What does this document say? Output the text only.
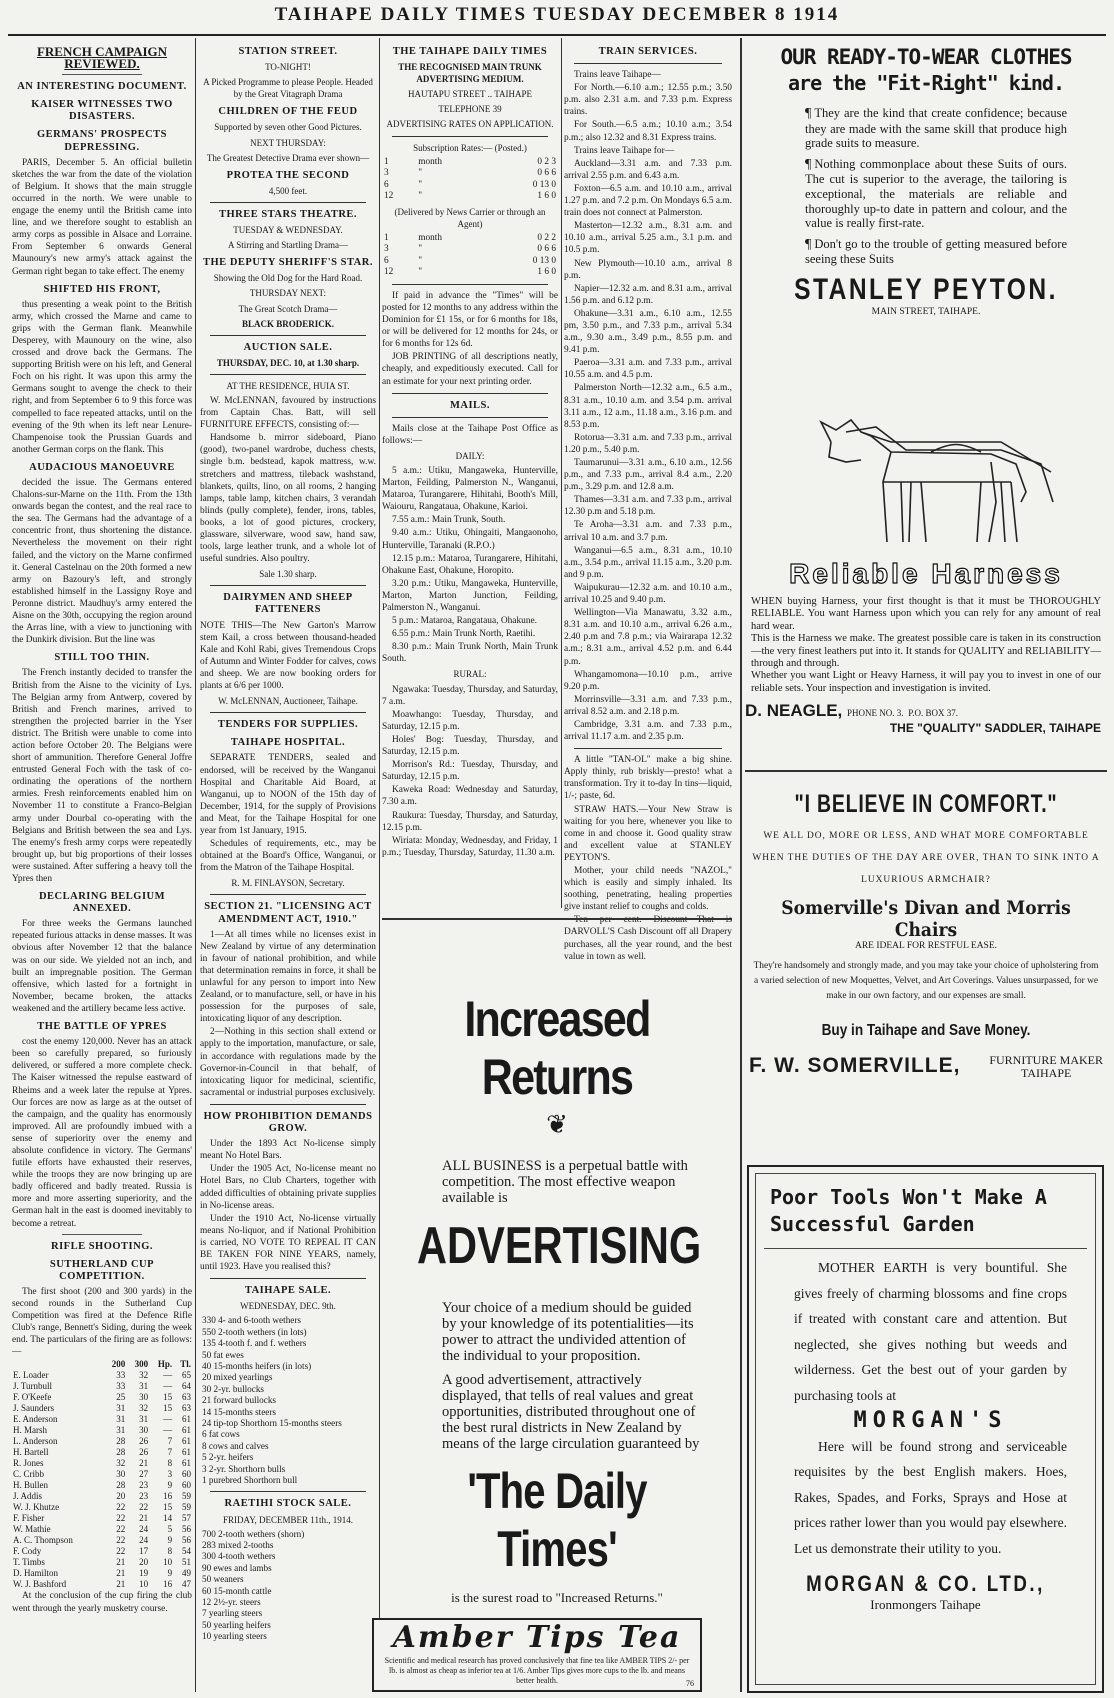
TAIHAPE DAILY TIMES TUESDAY DECEMBER 8 1914
FRENCH CAMPAIGN REVIEWED.
AN INTERESTING DOCUMENT.
KAISER WITNESSES TWO DISASTERS.
GERMANS' PROSPECTS DEPRESSING.

PARIS, December 5. An official bulletin sketches the war from the date of the violation of Belgium. It shows that the main struggle occurred in the north. We were unable to engage the enemy until the British came into line, and we therefore sought to establish an army corps as possible in Alsace and Lorraine. From September 6 onwards General Maunoury's new army's attack against the German right began to take effect. The enemy

SHIFTED HIS FRONT,

thus presenting a weak point to the British army, which crossed the Marne and came to grips with the German flank. Meanwhile Desperey, with Maunoury on the wine, also crossed and drove back the Germans. The supporting British were on his left, and General Foch on his right. It was upon this army the Germans sought to avenge the check to their right, and from September 6 to 9 this force was compelled to face repeated attacks, until on the evening of the 9th when its left near Lenure-Champenoise took the Prussian Guards and another German corps on the flank. This

AUDACIOUS MANOEUVRE

decided the issue. The Germans entered Chalons-sur-Marne on the 11th. From the 13th onwards began the contest, and the real race to the sea. The Germans had the advantage of a concentric front, thus shortening the distance. Nevertheless the movement on their right failed, and the victory on the Marne confirmed it. General Castelnau on the 20th formed a new army on Bazoury's left, and strongly established himself in the Lassigny Roye and Peronne district. Maudhuy's army entered the Aisne on the 30th, occupying the region around the Arras line, with a view to junctioning with the Dunkirk division. But the line was

STILL TOO THIN.

The French instantly decided to transfer the British from the Aisne to the vicinity of Lys. The Belgian army from Antwerp, covered by British and French marines, arrived to strengthen the projected barrier in the Yser district. The British were unable to come into action before October 20. The Belgians were short of ammunition. Therefore General Joffre entrusted General Foch with the task of co-ordinating the operations of the northern armies. Fresh reinforcements enabled him on November 11 to constitute a Franco-Belgian army under Dourbal co-operating with the Belgians and British between the sea and Lys. The enemy's fresh army corps were repeatedly brought up, but big proportions of their losses were sustained. After suffering a heavy toll the Ypres then

DECLARING BELGIUM ANNEXED.

For three weeks the Germans launched repeated furious attacks in dense masses. It was obvious after November 12 that the balance was on our side. We yielded not an inch, and built an impregnable position. The German offensive, which lasted for a fortnight in November, became broken, the attacks weakened and the artillery became less active.

THE BATTLE OF YPRES

cost the enemy 120,000. Never has an attack been so carefully prepared, so furiously delivered, or suffered a more complete check. The Kaiser witnessed the repulse eastward of Rheims and a week later the repulse at Ypres. Our forces are now as large as at the outset of the campaign, and the quality has enormously improved. All are profoundly imbued with a sense of superiority over the enemy and absolute confidence in victory. The Germans' futile efforts have exhausted their reserves, while the troops they are now bringing up are badly officered and badly treated. Russia is more and more asserting superiority, and the German halt in the east is doomed inevitably to become a retreat.

RIFLE SHOOTING.
SUTHERLAND CUP COMPETITION.

The first shoot (200 and 300 yards) in the second rounds in the Sutherland Cup Competition was fired at the Defence Rifle Club's range, Bennett's Siding, during the week end. The particulars of the firing are as follows:—

	200	300	Hp.	Tl.
E. Loader	33	32	—	65
J. Turnbull	33	31	—	64
F. O'Keefe	25	30	15	63
J. Saunders	31	32	15	63
E. Anderson	31	31	—	61
H. Marsh	31	30	—	61
L. Anderson	28	26	7	61
H. Bartell	28	26	7	61
R. Jones	32	21	8	61
C. Cribb	30	27	3	60
H. Bullen	28	23	9	60
J. Addis	20	23	16	59
W. J. Khutze	22	22	15	59
F. Fisher	22	21	14	57
W. Mathie	22	24	5	56
A. C. Thompson	22	24	9	56
F. Cody	22	17	8	54
T. Timbs	21	20	10	51
D. Hamilton	21	19	9	49
W. J. Bashford	21	10	16	47

At the conclusion of the cup firing the club went through the yearly musketry course.

STATION STREET.
TO-NIGHT!
A Picked Programme to please People. Headed by the Great Vitagraph Drama
CHILDREN OF THE FEUD
Supported by seven other Good Pictures.
NEXT THURSDAY:
The Greatest Detective Drama ever shown—
PROTEA THE SECOND
4,500 feet.
THREE STARS THEATRE.
TUESDAY & WEDNESDAY.
A Stirring and Startling Drama—
THE DEPUTY SHERIFF'S STAR.
Showing the Old Dog for the Hard Road.
THURSDAY NEXT:
The Great Scotch Drama—
BLACK BRODERICK.
AUCTION SALE.
THURSDAY, DEC. 10, at 1.30 sharp.
AT THE RESIDENCE, HUIA ST.

W. McLENNAN, favoured by instructions from Captain Chas. Batt, will sell FURNITURE EFFECTS, consisting of:—

Handsome b. mirror sideboard, Piano (good), two-panel wardrobe, duchess chests, single b.m. bedstead, kapok mattress, w.w. stretchers and mattress, tileback washstand, blankets, quilts, lino, on all rooms, 2 hanging lamps, table lamp, kitchen chairs, 3 verandah blinds (pully complete), fender, irons, tables, books, a lot of good pictures, crockery, glassware, silverware, wood saw, hand saw, tools, large leather trunk, and a whole lot of useful sundries. Also poultry.

Sale 1.30 sharp.
DAIRYMEN AND SHEEP FATTENERS

NOTE THIS—The New Garton's Marrow stem Kail, a cross between thousand-headed Kale and Kohl Rabi, gives Tremendous Crops of Autumn and Winter Fodder for calves, cows and sheep. We are now booking orders for plants at 6/6 per 1000.

W. McLENNAN, Auctioneer, Taihape.
TENDERS FOR SUPPLIES.
TAIHAPE HOSPITAL.

SEPARATE TENDERS, sealed and endorsed, will be received by the Wanganui Hospital and Charitable Aid Board, at Wanganui, up to NOON of the 15th day of December, 1914, for the supply of Provisions and Meat, for the Taihape Hospital for one year from 1st January, 1915.

Schedules of requirements, etc., may be obtained at the Board's Office, Wanganui, or from the Matron of the Taihape Hospital.

R. M. FINLAYSON, Secretary.
SECTION 21. "LICENSING ACT AMENDMENT ACT, 1910."

1—At all times while no licenses exist in New Zealand by virtue of any determination in favour of national prohibition, and while that determination remains in force, it shall be unlawful for any person to import into New Zealand, or to manufacture, sell, or have in his possession for the purposes of sale, intoxicating liquor of any description.

2—Nothing in this section shall extend or apply to the importation, manufacture, or sale, in accordance with regulations made by the Governor-in-Council in that behalf, of intoxicating liquor for medicinal, scientific, sacramental or industrial purposes exclusively.

HOW PROHIBITION DEMANDS GROW.

Under the 1893 Act No-license simply meant No Hotel Bars.

Under the 1905 Act, No-license meant no Hotel Bars, no Club Charters, together with added difficulties of obtaining private supplies in No-license areas.

Under the 1910 Act, No-license virtually means No-liquor, and if National Prohibition is carried, NO VOTE TO REPEAL IT CAN BE TAKEN FOR NINE YEARS, namely, until 1923. Have you realised this?

TAIHAPE SALE.
WEDNESDAY, DEC. 9th.
330 4- and 6-tooth wethers
550 2-tooth wethers (in lots)
135 4-tooth f. and f. wethers
50 fat ewes
40 15-months heifers (in lots)
20 mixed yearlings
30 2-yr. bullocks
21 forward bullocks
14 15-months steers
24 tip-top Shorthorn 15-months steers
6 fat cows
8 cows and calves
5 2-yr. heifers
3 2-yr. Shorthorn bulls
1 purebred Shorthorn bull
RAETIHI STOCK SALE.
FRIDAY, DECEMBER 11th., 1914.
700 2-tooth wethers (shorn)
283 mixed 2-tooths
300 4-tooth wethers
90 ewes and lambs
50 weaners
60 15-month cattle
12 2½-yr. steers
7 yearling steers
50 yearling heifers
10 yearling steers
THE TAIHAPE DAILY TIMES
THE RECOGNISED MAIN TRUNK ADVERTISING MEDIUM.
HAUTAPU STREET .. TAIHAPE
TELEPHONE 39
ADVERTISING RATES ON APPLICATION.
Subscription Rates:— (Posted.)
1	month	0 2 3
3	"	0 6 6
6	"	0 13 0
12	"	1 6 0
(Delivered by News Carrier or through an Agent)
1	month	0 2 2
3	"	0 6 6
6	"	0 13 0
12	"	1 6 0

If paid in advance the "Times" will be posted for 12 months to any address within the Dominion for £1 15s, or for 6 months for 18s, or will be delivered for 12 months for 24s, or for 6 months for 12s 6d.

JOB PRINTING of all descriptions neatly, cheaply, and expeditiously executed. Call for an estimate for your next printing order.

MAILS.

Mails close at the Taihape Post Office as follows:—

DAILY:

5 a.m.: Utiku, Mangaweka, Hunterville, Marton, Feilding, Palmerston N., Wanganui, Mataroa, Turangarere, Hihitahi, Booth's Mill, Waiouru, Rangataua, Ohakune, Karioi.

7.55 a.m.: Main Trunk, South.

9.40 a.m.: Utiku, Ohingaiti, Mangaonoho, Hunterville, Taranaki (R.P.O.)

12.15 p.m.: Mataroa, Turangarere, Hihitahi, Ohakune East, Ohakune, Horopito.

3.20 p.m.: Utiku, Mangaweka, Hunterville, Marton, Marton Junction, Feilding, Palmerston N., Wanganui.

5 p.m.: Mataroa, Rangataua, Ohakune.

6.55 p.m.: Main Trunk North, Raetihi.

8.30 p.m.: Main Trunk North, Main Trunk South.

RURAL:

Ngawaka: Tuesday, Thursday, and Saturday, 7 a.m.

Moawhango: Tuesday, Thursday, and Saturday, 12.15 p.m.

Holes' Bog: Tuesday, Thursday, and Saturday, 12.15 p.m.

Morrison's Rd.: Tuesday, Thursday, and Saturday, 12.15 p.m.

Kaweka Road: Wednesday and Saturday, 7.30 a.m.

Raukura: Tuesday, Thursday, and Saturday, 12.15 p.m.

Wiriata: Monday, Wednesday, and Friday, 1 p.m.; Tuesday, Thursday, Saturday, 11.30 a.m.

TRAIN SERVICES.

Trains leave Taihape—

For North.—6.10 a.m.; 12.55 p.m.; 3.50 p.m. also 2.31 a.m. and 7.33 p.m. Express trains.

For South.—6.5 a.m.; 10.10 a.m.; 3.54 p.m.; also 12.32 and 8.31 Express trains.

Trains leave Taihape for—

Auckland—3.31 a.m. and 7.33 p.m. arrival 2.55 p.m. and 6.43 a.m.

Foxton—6.5 a.m. and 10.10 a.m., arrival 1.27 p.m. and 7.2 p.m. On Mondays 6.5 a.m. train does not connect at Palmerston.

Masterton—12.32 a.m., 8.31 a.m. and 10.10 a.m., arrival 5.25 a.m., 3.1 p.m. and 10.5 p.m.

New Plymouth—10.10 a.m., arrival 8 p.m.

Napier—12.32 a.m. and 8.31 a.m., arrival 1.56 p.m. and 6.12 p.m.

Ohakune—3.31 a.m., 6.10 a.m., 12.55 pm, 3.50 p.m., and 7.33 p.m., arrival 5.34 a.m., 9.30 a.m., 3.49 p.m., 8.55 p.m. and 9.41 p.m.

Paeroa—3.31 a.m. and 7.33 p.m., arrival 10.55 a.m. and 4.5 p.m.

Palmerston North—12.32 a.m., 6.5 a.m., 8.31 a.m., 10.10 a.m. and 3.54 p.m. arrival 3.11 a.m., 12 a.m., 11.18 a.m., 3.16 p.m. and 8.53 p.m.

Rotorua—3.31 a.m. and 7.33 p.m., arrival 1.20 p.m., 5.40 p.m.

Taumarunui—3.31 a.m., 6.10 a.m., 12.56 p.m., and 7.33 p.m., arrival 8.4 a.m., 2.20 p.m., 3.29 p.m. and 12.8 a.m.

Thames—3.31 a.m. and 7.33 p.m., arrival 12.30 p.m and 5.18 p.m.

Te Aroha—3.31 a.m. and 7.33 p.m., arrival 10 a.m. and 3.7 p.m.

Wanganui—6.5 a.m., 8.31 a.m., 10.10 a.m., 3.54 p.m., arrival 11.15 a.m., 3.20 p.m. and 9 p.m.

Waipukurau—12.32 a.m. and 10.10 a.m., arrival 10.25 and 9.40 p.m.

Wellington—Via Manawatu, 3.32 a.m., 8.31 a.m. and 10.10 a.m., arrival 6.26 a.m., 2.40 p.m and 7.8 p.m.; via Wairarapa 12.32 a.m.; 8.31 a.m., arrival 4.52 p.m. and 6.44 p.m.

Whangamomona—10.10 p.m., arrive 9.20 p.m.

Morrinsville—3.31 a.m. and 7.33 p.m., arrival 8.52 a.m. and 2.18 p.m.

Cambridge, 3.31 a.m. and 7.33 p.m., arrival 11.17 a.m. and 2.35 p.m.

A little "TAN-OL" make a big shine. Apply thinly, rub briskly—presto! what a transformation. Try it to-day In tins—liquid, 1/-; paste, 6d.

STRAW HATS.—Your New Straw is waiting for you here, whenever you like to come in and choose it. Good quality straw and excellent value at STANLEY PEYTON'S.

Mother, your child needs "NAZOL," which is easily and simply inhaled. Its soothing, penetrating, healing properties give instant relief to coughs and colds.

Ten per cent. Discount—That is DARVOLL'S Cash Discount off all Drapery purchases, all the year round, and the best value in town as well.

Increased Returns
❦
ALL BUSINESS is a perpetual battle with competition. The most effective weapon available is
ADVERTISING
Your choice of a medium should be guided by your knowledge of its potentialities—its power to attract the undivided attention of the individual to your proposition.
A good advertisement, attractively displayed, that tells of real values and great opportunities, distributed throughout one of the best rural districts in New Zealand by means of the large circulation guaranteed by
'The Daily Times'
is the surest road to "Increased Returns."
Amber Tips Tea
Scientific and medical research has proved conclusively that fine tea like AMBER TIPS 2/- per lb. is almost as cheap as inferior tea at 1/6. Amber Tips gives more cups to the lb. and means better health.	76
OUR READY-TO-WEAR CLOTHES
are the "Fit-Right" kind.

¶ They are the kind that create confidence; because they are made with the same skill that produce high grade suits to measure.

¶ Nothing commonplace about these Suits of ours. The cut is superior to the average, the tailoring is exceptional, the materials are reliable and thoroughly up-to date in pattern and colour, and the value is really first-rate.

¶ Don't go to the trouble of getting measured before seeing these Suits

STANLEY PEYTON.
MAIN STREET, TAIHAPE.
Reliable Harness
WHEN buying Harness, your first thought is that it must be THOROUGHLY RELIABLE. You want Harness upon which you can rely for any amount of real hard wear.
This is the Harness we make. The greatest possible care is taken in its construction—the very finest leathers put into it. It stands for QUALITY and RELIABILITY—through and through.
Whether you want Light or Heavy Harness, it will pay you to invest in one of our reliable sets. Your inspection and investigation is invited.
D. NEAGLE, PHONE NO. 3. P.O. BOX 37.
THE "QUALITY" SADDLER, TAIHAPE
"I BELIEVE IN COMFORT."
WE ALL DO, MORE OR LESS, AND WHAT MORE COMFORTABLE WHEN THE DUTIES OF THE DAY ARE OVER, THAN TO SINK INTO A LUXURIOUS ARMCHAIR?
Somerville's Divan and Morris Chairs
ARE IDEAL FOR RESTFUL EASE.
They're handsomely and strongly made, and you may take your choice of upholstering from a varied selection of new Moquettes, Velvet, and Art Coverings. Values unsurpassed, for we make in our own factory, and our expenses are small.
Buy in Taihape and Save Money.
F. W. SOMERVILLE, FURNITURE MAKER
TAIHAPE
Poor Tools Won't Make A Successful Garden

MOTHER EARTH is very bountiful. She gives freely of charming blossoms and fine crops if treated with constant care and attention. But neglected, she gives nothing but weeds and wilderness. Get the best out of your garden by purchasing tools at

MORGAN'S

Here will be found strong and serviceable requisites by the best English makers. Hoes, Rakes, Spades, and Forks, Sprays and Hose at prices rather lower than you would pay elsewhere. Let us demonstrate their utility to you.

MORGAN & CO. LTD.,
Ironmongers Taihape
